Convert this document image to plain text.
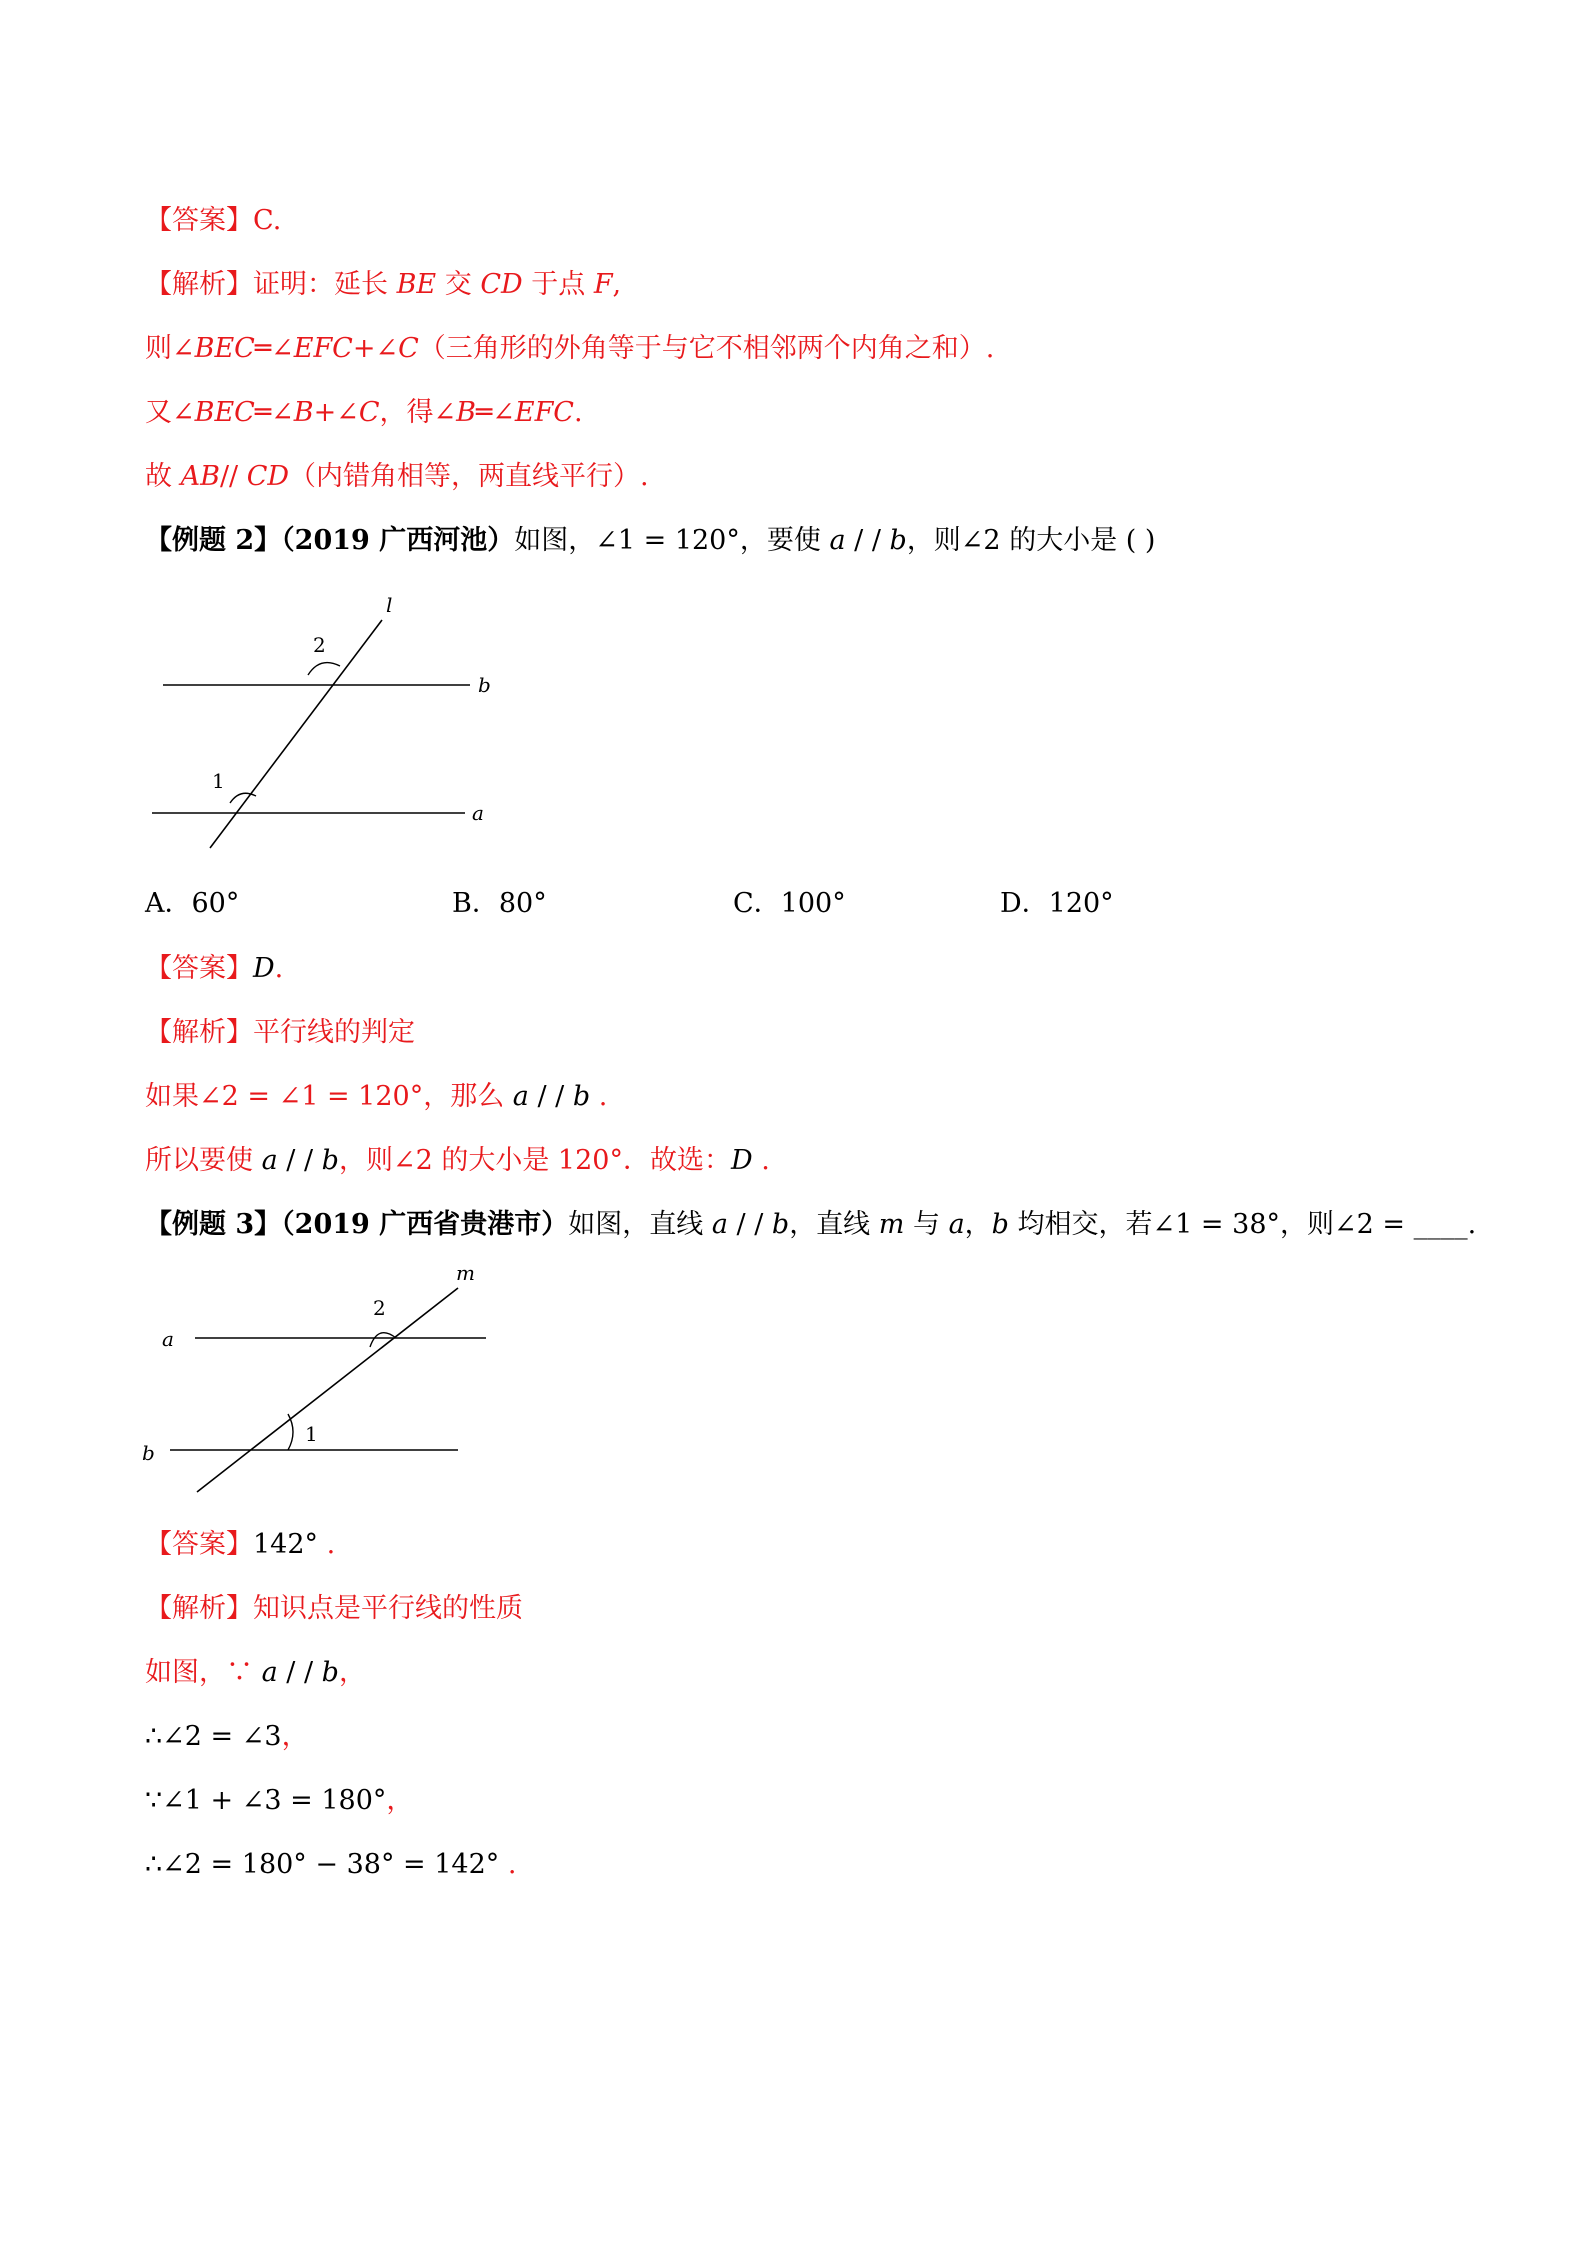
【答案】C.
【解析】证明：延长 BE 交 CD 于点 F,
则∠BEC═∠EFC+∠C（三角形的外角等于与它不相邻两个内角之和）.
又∠BEC═∠B+∠C，得∠B═∠EFC.
故 AB// CD（内错角相等，两直线平行）.
【例题 2】（2019 广西河池）如图，∠1 = 120°，要使 a / / b，则∠2 的大小是 ( )
l
b
a
1
2
A．60°	B．80°	C．100°	D．120°
【答案】D.
【解析】平行线的判定
如果∠2 = ∠1 = 120°，那么 a / / b .
所以要使 a / / b，则∠2 的大小是 120°．故选：D .
【例题 3】（2019 广西省贵港市）如图，直线 a / / b，直线 m 与 a，b 均相交，若∠1 = 38°，则∠2 = ____.
m
a
b
1
2
【答案】142° .
【解析】知识点是平行线的性质
如图，∵ a / / b，
∴∠2 = ∠3，
∵∠1 + ∠3 = 180°，
∴∠2 = 180° − 38° = 142° .
